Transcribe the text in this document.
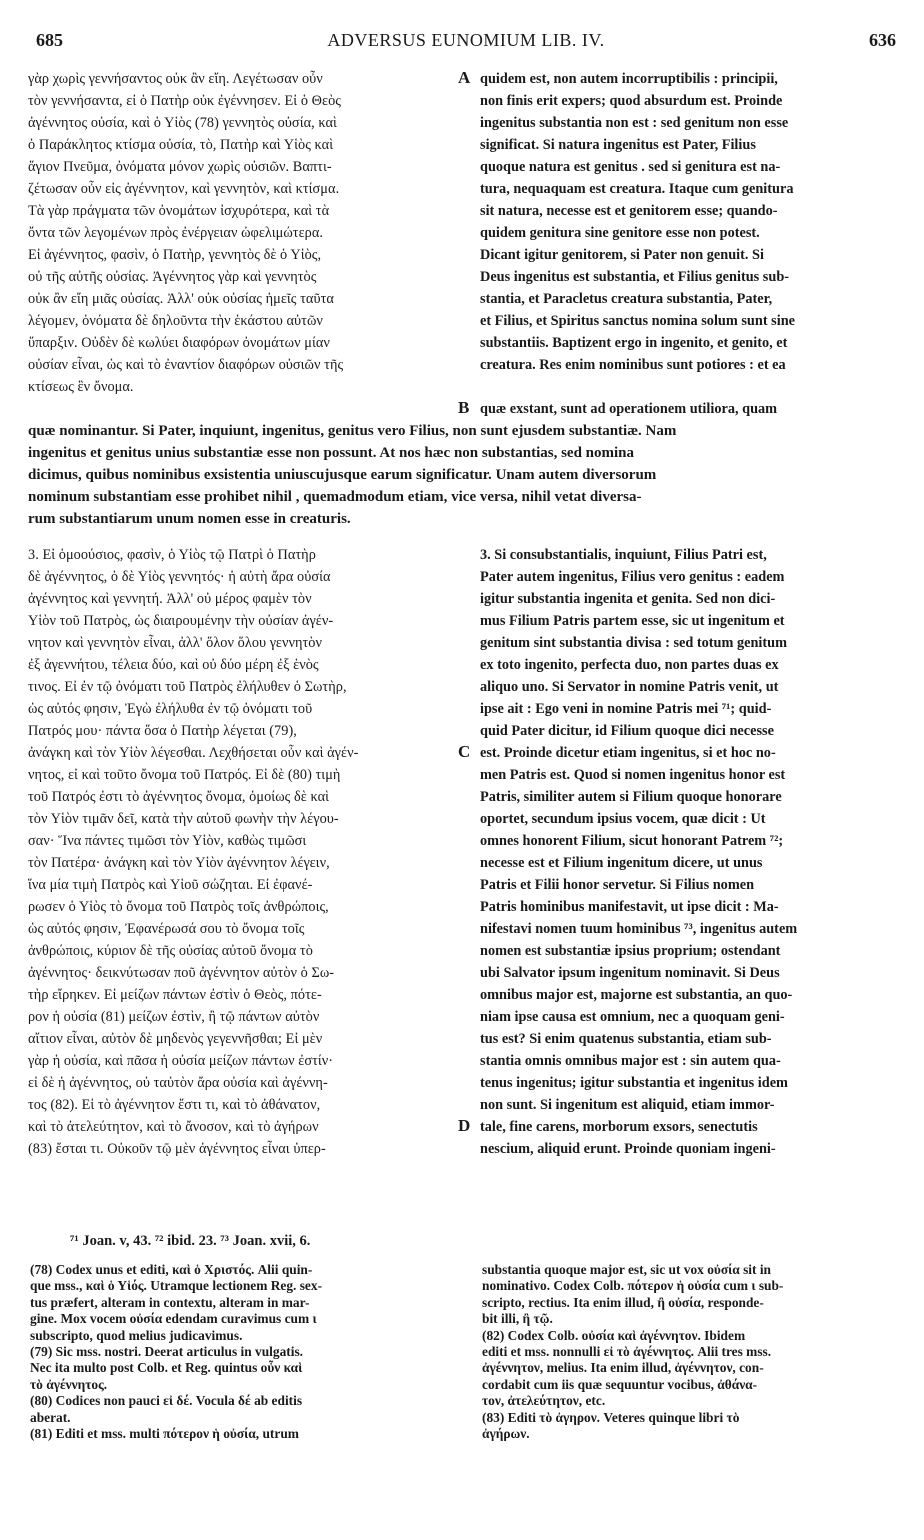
685	ADVERSUS EUNOMIUM LIB. IV.	636
γὰρ χωρὶς γεννήσαντος οὐκ ἂν εἴη. Λεγέτωσαν οὖν
τὸν γεννήσαντα, εἰ ὁ Πατὴρ οὐκ ἐγέννησεν. Εἰ ὁ Θεὸς
ἀγέννητος οὐσία, καὶ ὁ Υἱὸς (78) γεννητὸς οὐσία, καὶ
ὁ Παράκλητος κτίσμα οὐσία, τὸ, Πατὴρ καὶ Υἱὸς καὶ
ἅγιον Πνεῦμα, ὀνόματα μόνον χωρὶς οὐσιῶν. Βαπτι-
ζέτωσαν οὖν εἰς ἀγέννητον, καὶ γεννητὸν, καὶ κτίσμα.
Τὰ γὰρ πράγματα τῶν ὀνομάτων ἰσχυρότερα, καὶ τὰ
ὄντα τῶν λεγομένων πρὸς ἐνέργειαν ὠφελιμώτερα.
Εἰ ἀγέννητος, φασὶν, ὁ Πατὴρ, γεννητὸς δὲ ὁ Υἱὸς,
οὐ τῆς αὐτῆς οὐσίας. Ἀγέννητος γὰρ καὶ γεννητὸς
οὐκ ἂν εἴη μιᾶς οὐσίας. Ἀλλ' οὐκ οὐσίας ἡμεῖς ταῦτα
λέγομεν, ὀνόματα δὲ δηλοῦντα τὴν ἑκάστου αὐτῶν
ὕπαρξιν. Οὐδὲν δὲ κωλύει διαφόρων ὀνομάτων μίαν
οὐσίαν εἶναι, ὡς καὶ τὸ ἐναντίον διαφόρων οὐσιῶν τῆς
κτίσεως ἓν ὄνομα.
quidem est, non autem incorruptibilis : principii,
non finis erit expers; quod absurdum est. Proinde
ingenitus substantia non est : sed genitum non esse
significat. Si natura ingenitus est Pater, Filius
quoque natura est genitus . sed si genitura est na-
tura, nequaquam est creatura. Itaque cum genitura
sit natura, necesse est et genitorem esse; quando-
quidem genitura sine genitore esse non potest.
Dicant igitur genitorem, si Pater non genuit. Si
Deus ingenitus est substantia, et Filius genitus sub-
stantia, et Paracletus creatura substantia, Pater,
et Filius, et Spiritus sanctus nomina solum sunt sine
substantiis. Baptizent ergo in ingenito, et genito, et
creatura. Res enim nominibus sunt potiores : et ea
quæ exstant, sunt ad operationem utiliora, quam
quæ nominantur. Si Pater, inquiunt, ingenitus, genitus vero Filius, non sunt ejusdem substantiæ. Nam
ingenitus et genitus unius substantiæ esse non possunt. At nos hæc non substantias, sed nomina
dicimus, quibus nominibus exsistentia uniuscujusque earum significatur. Unam autem diversorum
nominum substantiam esse prohibet nihil , quemadmodum etiam, vice versa, nihil vetat diversa-
rum substantiarum unum nomen esse in creaturis.
3. Εἰ ὁμοούσιος, φασὶν, ὁ Υἱὸς τῷ Πατρὶ ὁ Πατὴρ
δὲ ἀγέννητος, ὁ δὲ Υἱὸς γεννητός· ἡ αὐτὴ ἄρα οὐσία
ἀγέννητος καὶ γεννητή. Ἀλλ' οὐ μέρος φαμὲν τὸν
Υἱὸν τοῦ Πατρὸς, ὡς διαιρουμένην τὴν οὐσίαν ἀγέν-
νητον καὶ γεννητὸν εἶναι, ἀλλ' ὅλον ὅλου γεννητὸν
ἐξ ἀγεννήτου, τέλεια δύο, καὶ οὐ δύο μέρη ἐξ ἑνὸς
τινος. Εἰ ἐν τῷ ὀνόματι τοῦ Πατρὸς ἐλήλυθεν ὁ Σωτὴρ,
ὡς αὐτός φησιν, Ἐγὼ ἐλήλυθα ἐν τῷ ὀνόματι τοῦ
Πατρός μου· πάντα ὅσα ὁ Πατὴρ λέγεται (79),
ἀνάγκη καὶ τὸν Υἱὸν λέγεσθαι. Λεχθήσεται οὖν καὶ ἀγέν-
νητος, εἰ καὶ τοῦτο ὄνομα τοῦ Πατρός. Εἰ δὲ (80) τιμὴ
τοῦ Πατρός ἐστι τὸ ἀγέννητος ὄνομα, ὁμοίως δὲ καὶ
τὸν Υἱὸν τιμᾶν δεῖ, κατὰ τὴν αὐτοῦ φωνὴν τὴν λέγου-
σαν· Ἵνα πάντες τιμῶσι τὸν Υἱὸν, καθὼς τιμῶσι
τὸν Πατέρα· ἀνάγκη καὶ τὸν Υἱὸν ἀγέννητον λέγειν,
ἵνα μία τιμὴ Πατρὸς καὶ Υἱοῦ σώζηται. Εἰ ἐφανέ-
ρωσεν ὁ Υἱὸς τὸ ὄνομα τοῦ Πατρὸς τοῖς ἀνθρώποις,
ὡς αὐτός φησιν, Ἐφανέρωσά σου τὸ ὄνομα τοῖς
ἀνθρώποις, κύριον δὲ τῆς οὐσίας αὐτοῦ ὄνομα τὸ
ἀγέννητος· δεικνύτωσαν ποῦ ἀγέννητον αὐτὸν ὁ Σω-
τὴρ εἴρηκεν. Εἰ μείζων πάντων ἐστὶν ὁ Θεὸς, πότε-
ρον ἡ οὐσία (81) μείζων ἐστὶν, ἢ τῷ πάντων αὐτὸν
αἴτιον εἶναι, αὐτὸν δὲ μηδενὸς γεγεννῆσθαι; Εἰ μὲν
γὰρ ἡ οὐσία, καὶ πᾶσα ἡ οὐσία μείζων πάντων ἐστίν·
εἰ δὲ ἡ ἀγέννητος, οὐ ταὐτὸν ἄρα οὐσία καὶ ἀγέννη-
τος (82). Εἰ τὸ ἀγέννητον ἔστι τι, καὶ τὸ ἀθάνατον,
καὶ τὸ ἀτελεύτητον, καὶ τὸ ἄνοσον, καὶ τὸ ἀγήρων
(83) ἔσται τι. Οὐκοῦν τῷ μὲν ἀγέννητος εἶναι ὑπερ-
3. Si consubstantialis, inquiunt, Filius Patri est,
Pater autem ingenitus, Filius vero genitus : eadem
igitur substantia ingenita et genita. Sed non dici-
mus Filium Patris partem esse, sic ut ingenitum et
genitum sint substantia divisa : sed totum genitum
ex toto ingenito, perfecta duo, non partes duas ex
aliquo uno. Si Servator in nomine Patris venit, ut
ipse ait : Ego veni in nomine Patris mei ⁷¹; quid-
quid Pater dicitur, id Filium quoque dici necesse
est. Proinde dicetur etiam ingenitus, si et hoc no-
men Patris est. Quod si nomen ingenitus honor est
Patris, similiter autem si Filium quoque honorare
oportet, secundum ipsius vocem, quæ dicit : Ut
omnes honorent Filium, sicut honorant Patrem ⁷²;
necesse est et Filium ingenitum dicere, ut unus
Patris et Filii honor servetur. Si Filius nomen
Patris hominibus manifestavit, ut ipse dicit : Ma-
nifestavi nomen tuum hominibus ⁷³, ingenitus autem
nomen est substantiæ ipsius proprium; ostendant
ubi Salvator ipsum ingenitum nominavit. Si Deus
omnibus major est, majorne est substantia, an quo-
niam ipse causa est omnium, nec a quoquam geni-
tus est? Si enim quatenus substantia, etiam sub-
stantia omnis omnibus major est : sin autem qua-
tenus ingenitus; igitur substantia et ingenitus idem
non sunt. Si ingenitum est aliquid, etiam immor-
tale, fine carens, morborum exsors, senectutis
nescium, aliquid erunt. Proinde quoniam ingeni-
A
B
C
D
⁷¹ Joan. v, 43. ⁷² ibid. 23. ⁷³ Joan. xvii, 6.
(78) Codex unus et editi, καὶ ὁ Χριστός. Alii quin-
que mss., καὶ ὁ Υἱός. Utramque lectionem Reg. sex-
tus præfert, alteram in contextu, alteram in mar-
gine. Mox vocem οὐσία edendam curavimus cum ι
subscripto, quod melius judicavimus.
(79) Sic mss. nostri. Deerat articulus in vulgatis.
Nec ita multo post Colb. et Reg. quintus οὖν καὶ
τὸ ἀγέννητος.
(80) Codices non pauci εἰ δέ. Vocula δέ ab editis
aberat.
(81) Editi et mss. multi πότερον ἡ οὐσία, utrum
substantia quoque major est, sic ut vox οὐσία sit in
nominativo. Codex Colb. πότερον ἡ οὐσία cum ι sub-
scripto, rectius. Ita enim illud, ἢ οὐσία, responde-
bit illi, ἢ τῷ.
(82) Codex Colb. οὐσία καὶ ἀγέννητον. Ibidem
editi et mss. nonnulli εἰ τὸ ἀγέννητος. Alii tres mss.
ἀγέννητον, melius. Ita enim illud, ἀγέννητον, con-
cordabit cum iis quæ sequuntur vocibus, ἀθάνα-
τον, ἀτελεύτητον, etc.
(83) Editi τὸ ἀγηρον. Veteres quinque libri τὸ
ἀγήρων.
